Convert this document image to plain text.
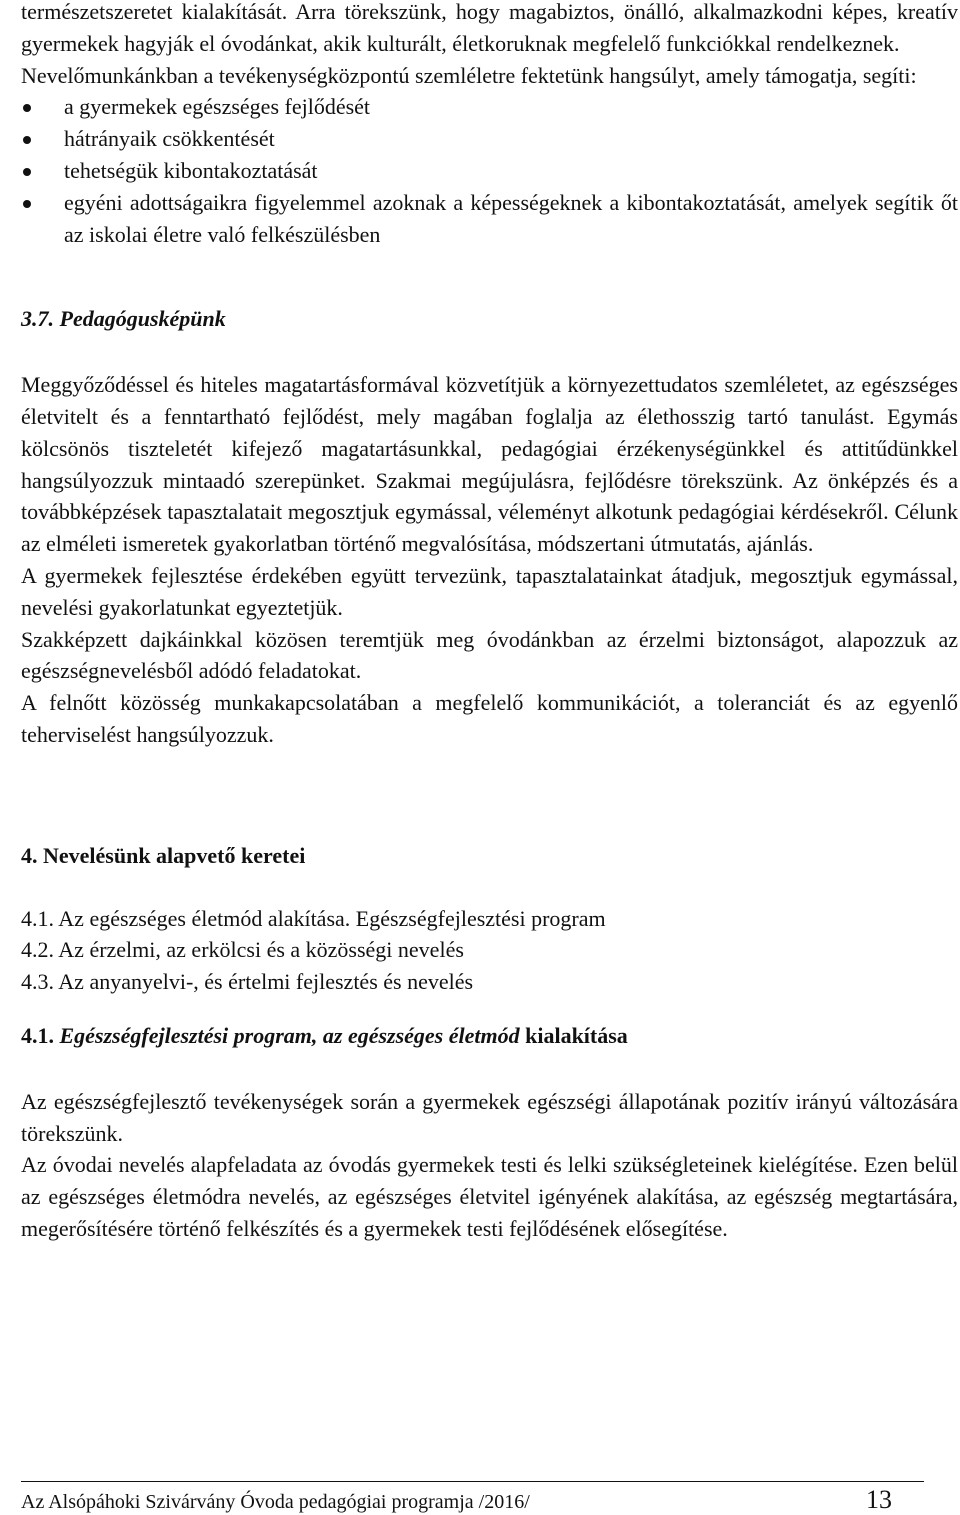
természetszeretet kialakítását. Arra törekszünk, hogy magabiztos, önálló, alkalmazkodni képes, kreatív gyermekek hagyják el óvodánkat, akik kulturált, életkoruknak megfelelő funkciókkal rendelkeznek.

Nevelőmunkánkban a tevékenységközpontú szemléletre fektetünk hangsúlyt, amely támogatja, segíti:

a gyermekek egészséges fejlődését
hátrányaik csökkentését
tehetségük kibontakoztatását
egyéni adottságaikra figyelemmel azoknak a képességeknek a kibontakoztatását, amelyek segítik őt az iskolai életre való felkészülésben
3.7. Pedagógusképünk

Meggyőződéssel és hiteles magatartásformával közvetítjük a környezettudatos szemléletet, az egészséges életvitelt és a fenntartható fejlődést, mely magában foglalja az élethosszig tartó tanulást. Egymás kölcsönös tiszteletét kifejező magatartásunkkal, pedagógiai érzékenységünkkel és attitűdünkkel hangsúlyozzuk mintaadó szerepünket. Szakmai megújulásra, fejlődésre törekszünk. Az önképzés és a továbbképzések tapasztalatait megosztjuk egymással, véleményt alkotunk pedagógiai kérdésekről. Célunk az elméleti ismeretek gyakorlatban történő megvalósítása, módszertani útmutatás, ajánlás.

A gyermekek fejlesztése érdekében együtt tervezünk, tapasztalatainkat átadjuk, megosztjuk egymással, nevelési gyakorlatunkat egyeztetjük.

Szakképzett dajkáinkkal közösen teremtjük meg óvodánkban az érzelmi biztonságot, alapozzuk az egészségnevelésből adódó feladatokat.

A felnőtt közösség munkakapcsolatában a megfelelő kommunikációt, a toleranciát és az egyenlő teherviselést hangsúlyozzuk.

4. Nevelésünk alapvető keretei
4.1. Az egészséges életmód alakítása. Egészségfejlesztési program
4.2. Az érzelmi, az erkölcsi és a közösségi nevelés
4.3. Az anyanyelvi-, és értelmi fejlesztés és nevelés
4.1. Egészségfejlesztési program, az egészséges életmód kialakítása

Az egészségfejlesztő tevékenységek során a gyermekek egészségi állapotának pozitív irányú változására törekszünk.

Az óvodai nevelés alapfeladata az óvodás gyermekek testi és lelki szükségleteinek kielégítése. Ezen belül az egészséges életmódra nevelés, az egészséges életvitel igényének alakítása, az egészség megtartására, megerősítésére történő felkészítés és a gyermekek testi fejlődésének elősegítése.

Az Alsópáhoki Szivárvány Óvoda pedagógiai programja /2016/	13
